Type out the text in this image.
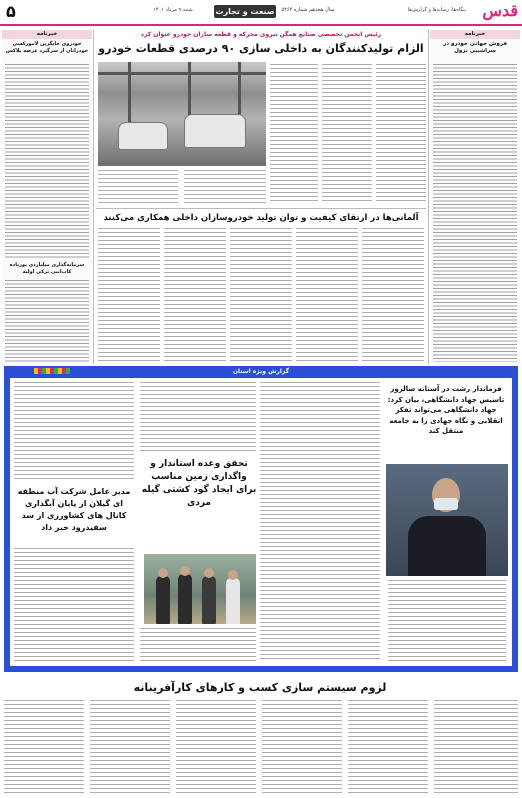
۵	شنبه ۹ مرداد ۱۴۰۱	صنعت و تجارت	سال هجدهم شماره ۵۴۶۴	بنگاه‌ها، رسانه‌ها و گزارش‌ها	قدس
خبرنامه
فروش جهانی خودرو در سراشیبی نزول
خبرنامه
خودروی جایگزین لاموزکسی خودرانان از سرگیرد عرضه پلاکس
سرمایه‌گذاری میلیاردی نورپاده کاب‌انبی ترکی اولیه
رئیس انجمن تخصصی صنایع همگن نیروی محرکه و قطعه سازان خودرو عنوان کرد
الزام تولیدکنندگان به داخلی سازی ۹۰ درصدی قطعات خودرو
آلمانی‌ها در ارتقای کیفیت و توان تولید خودروسازان داخلی همکاری می‌کنند
گزارش ویژه استان
فرماندار رشت در آستانه سالروز تاسیس جهاد دانشگاهی، بیان کرد: جهاد دانشگاهی می‌تواند تفکر انقلابی و نگاه جهادی را به جامعه منتقل کند
تحقق وعده استاندار و واگذاری زمین مناسب برای ایجاد گود کشتی گیله مردی
مدیر عامل شرکت آب منطقه ای گیلان از پایان آبگذاری کانال های کشاورزی از سد سفیدرود خبر داد
لزوم سیستم سازی کسب و کارهای کارآفرینانه
